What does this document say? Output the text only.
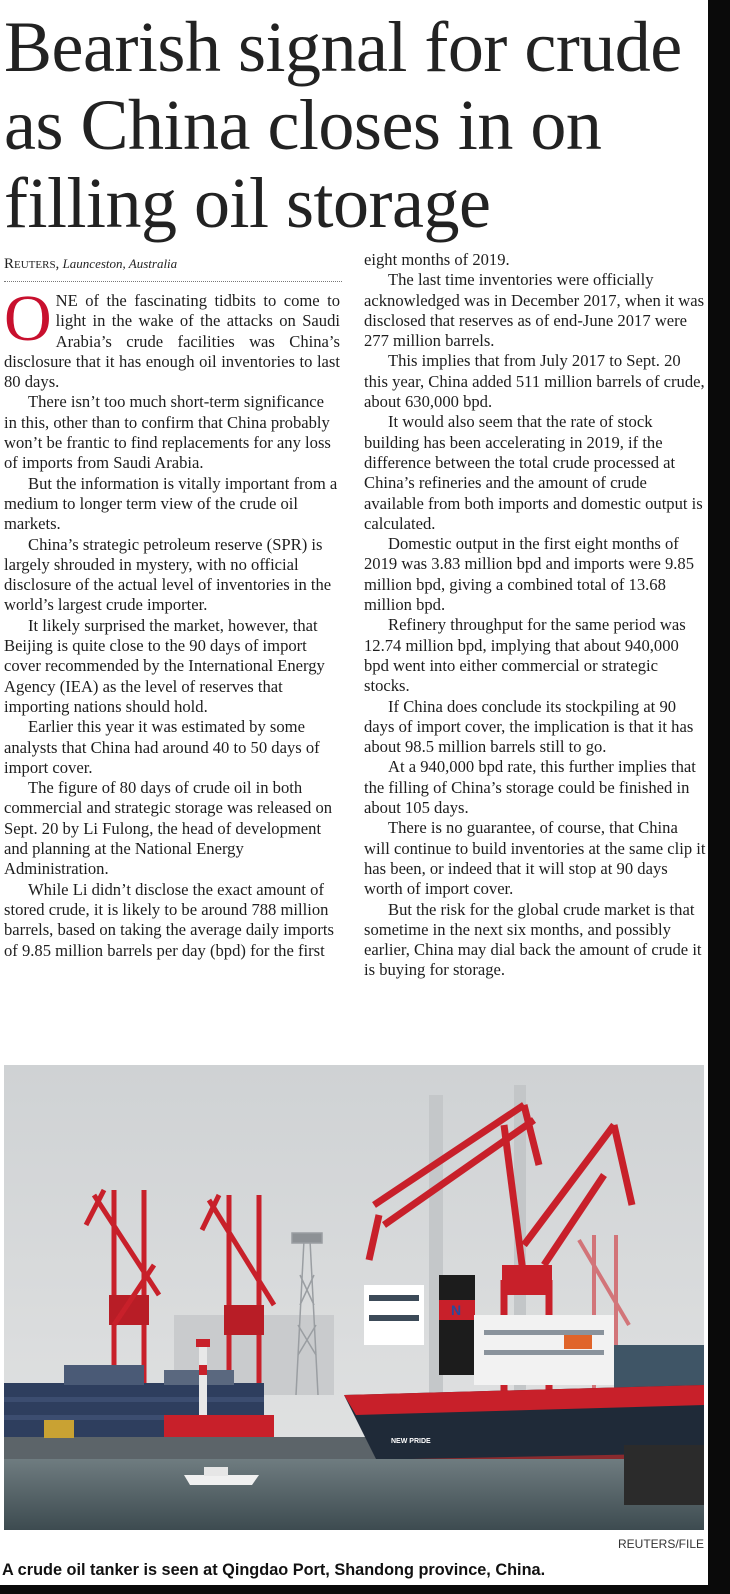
Bearish signal for crude as China closes in on filling oil storage
Reuters, Launceston, Australia

ONE of the fascinating tidbits to come to light in the wake of the attacks on Saudi Arabia’s crude facilities was China’s disclosure that it has enough oil inventories to last 80 days.

There isn’t too much short-term significance in this, other than to confirm that China probably won’t be frantic to find replacements for any loss of imports from Saudi Arabia.

But the information is vitally important from a medium to longer term view of the crude oil markets.

China’s strategic petroleum reserve (SPR) is largely shrouded in mystery, with no official disclosure of the actual level of inventories in the world’s largest crude importer.

It likely surprised the market, however, that Beijing is quite close to the 90 days of import cover recommended by the International Energy Agency (IEA) as the level of reserves that importing nations should hold.

Earlier this year it was estimated by some analysts that China had around 40 to 50 days of import cover.

The figure of 80 days of crude oil in both commercial and strategic storage was released on Sept. 20 by Li Fulong, the head of development and planning at the National Energy Administration.

While Li didn’t disclose the exact amount of stored crude, it is likely to be around 788 million barrels, based on taking the average daily imports of 9.85 million barrels per day (bpd) for the first

eight months of 2019.

The last time inventories were officially acknowledged was in December 2017, when it was disclosed that reserves as of end-June 2017 were 277 million barrels.

This implies that from July 2017 to Sept. 20 this year, China added 511 million barrels of crude, about 630,000 bpd.

It would also seem that the rate of stock building has been accelerating in 2019, if the difference between the total crude processed at China’s refineries and the amount of crude available from both imports and domestic output is calculated.

Domestic output in the first eight months of 2019 was 3.83 million bpd and imports were 9.85 million bpd, giving a combined total of 13.68 million bpd.

Refinery throughput for the same period was 12.74 million bpd, implying that about 940,000 bpd went into either commercial or strategic stocks.

If China does conclude its stockpiling at 90 days of import cover, the implication is that it has about 98.5 million barrels still to go.

At a 940,000 bpd rate, this further implies that the filling of China’s storage could be finished in about 105 days.

There is no guarantee, of course, that China will continue to build inventories at the same clip it has been, or indeed that it will stop at 90 days worth of import cover.

But the risk for the global crude market is that sometime in the next six months, and possibly earlier, China may dial back the amount of crude it is buying for storage.

N
NEW PRIDE
REUTERS/FILE

A crude oil tanker is seen at Qingdao Port, Shandong province, China.
